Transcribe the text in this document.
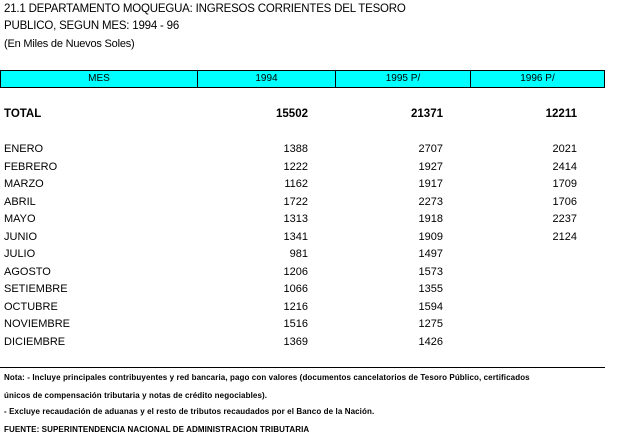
21.1 DEPARTAMENTO MOQUEGUA: INGRESOS CORRIENTES DEL TESORO
PUBLICO, SEGUN MES: 1994 - 96
(En Miles de Nuevos Soles)
MES	1994	1995 P/	1996 P/
TOTAL	15502	21371	12211
ENERO	1388	2707	2021
FEBRERO	1222	1927	2414
MARZO	1162	1917	1709
ABRIL	1722	2273	1706
MAYO	1313	1918	2237
JUNIO	1341	1909	2124
JULIO	981	1497
AGOSTO	1206	1573
SETIEMBRE	1066	1355
OCTUBRE	1216	1594
NOVIEMBRE	1516	1275
DICIEMBRE	1369	1426
Nota: - Incluye principales contribuyentes y red bancaria, pago con valores (documentos cancelatorios de Tesoro Público, certificados
únicos de compensación tributaria y notas de crédito negociables).
- Excluye recaudación de aduanas y el resto de tributos recaudados por el Banco de la Nación.
FUENTE: SUPERINTENDENCIA NACIONAL DE ADMINISTRACION TRIBUTARIA
